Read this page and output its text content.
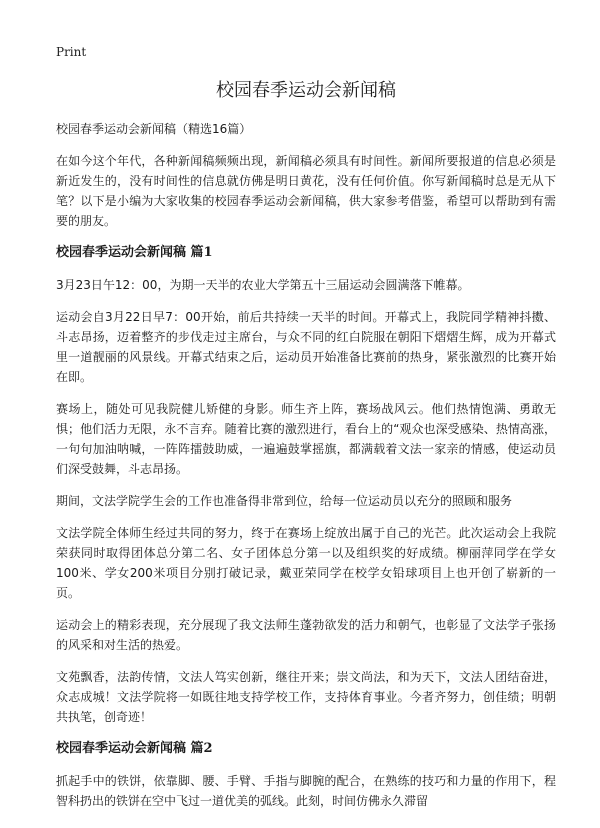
Print
校园春季运动会新闻稿

校园春季运动会新闻稿（精选16篇）

在如今这个年代，各种新闻稿频频出现，新闻稿必须具有时间性。新闻所要报道的信息必须是新近发生的，没有时间性的信息就仿佛是明日黄花，没有任何价值。你写新闻稿时总是无从下笔？以下是小编为大家收集的校园春季运动会新闻稿，供大家参考借鉴，希望可以帮助到有需要的朋友。

校园春季运动会新闻稿 篇1

3月23日午12：00，为期一天半的农业大学第五十三届运动会圆满落下帷幕。

运动会自3月22日早7：00开始，前后共持续一天半的时间。开幕式上，我院同学精神抖擞、斗志昂扬，迈着整齐的步伐走过主席台，与众不同的红白院服在朝阳下熠熠生辉，成为开幕式里一道靓丽的风景线。开幕式结束之后，运动员开始准备比赛前的热身，紧张激烈的比赛开始在即。

赛场上，随处可见我院健儿矫健的身影。师生齐上阵，赛场战风云。他们热情饱满、勇敢无惧；他们活力无限，永不言弃。随着比赛的激烈进行，看台上的“观众也深受感染、热情高涨，一句句加油呐喊，一阵阵擂鼓助威，一遍遍鼓掌摇旗，都满载着文法一家亲的情感，使运动员们深受鼓舞，斗志昂扬。

期间，文法学院学生会的工作也准备得非常到位，给每一位运动员以充分的照顾和服务

文法学院全体师生经过共同的努力，终于在赛场上绽放出属于自己的光芒。此次运动会上我院荣获同时取得团体总分第二名、女子团体总分第一以及组织奖的好成绩。柳丽萍同学在学女100米、学女200米项目分别打破记录，戴亚荣同学在校学女铅球项目上也开创了崭新的一页。

运动会上的精彩表现，充分展现了我文法师生蓬勃欲发的活力和朝气，也彰显了文法学子张扬的风采和对生活的热爱。

文苑飘香，法韵传情，文法人笃实创新，继往开来；崇文尚法，和为天下，文法人团结奋进，众志成城！文法学院将一如既往地支持学校工作，支持体育事业。今者齐努力，创佳绩；明朝共执笔，创奇迹！

校园春季运动会新闻稿 篇2

抓起手中的铁饼，依靠脚、腰、手臂、手指与脚腕的配合，在熟练的技巧和力量的作用下，程智科扔出的铁饼在空中飞过一道优美的弧线。此刻，时间仿佛永久滞留
